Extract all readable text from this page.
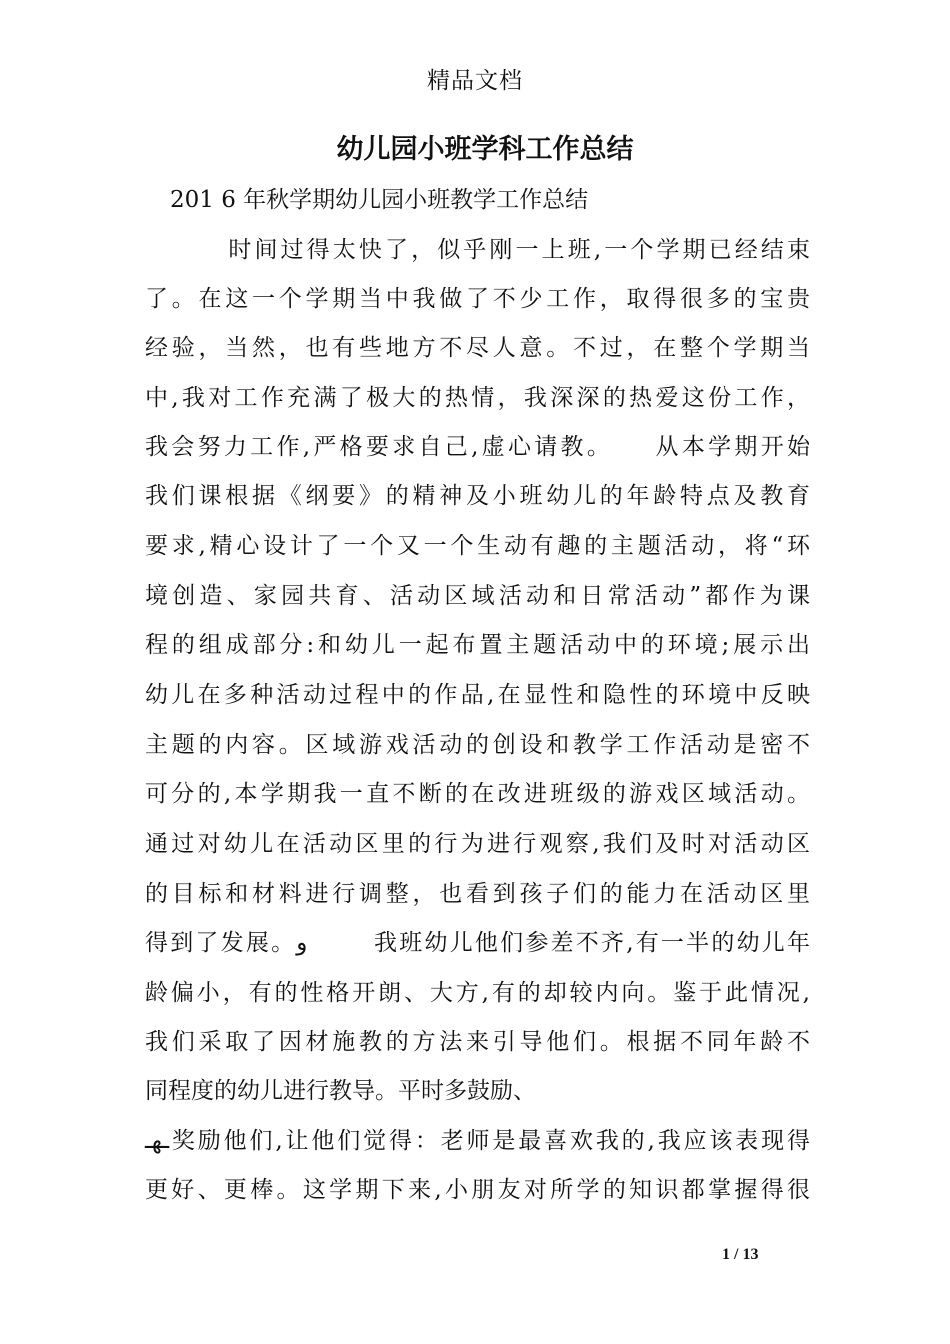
精品文档
幼儿园小班学科工作总结
201 6 年秋学期幼儿园小班教学工作总结
时间过得太快了，似乎刚一上班,一个学期已经结束
了。在这一个学期当中我做了不少工作，取得很多的宝贵
经验，当然，也有些地方不尽人意。不过，在整个学期当
中,我对工作充满了极大的热情，我深深的热爱这份工作，
我会努力工作,严格要求自己,虚心请教。    从本学期开始
我们课根据《纲要》的精神及小班幼儿的年龄特点及教育
要求,精心设计了一个又一个生动有趣的主题活动，将“环
境创造、家园共育、活动区域活动和日常活动”都作为课
程的组成部分:和幼儿一起布置主题活动中的环境;展示出
幼儿在多种活动过程中的作品,在显性和隐性的环境中反映
主题的内容。区域游戏活动的创设和教学工作活动是密不
可分的,本学期我一直不断的在改进班级的游戏区域活动。
通过对幼儿在活动区里的行为进行观察,我们及时对活动区
的目标和材料进行调整，也看到孩子们的能力在活动区里
得到了发展。و       我班幼儿他们参差不齐,有一半的幼儿年
龄偏小，有的性格开朗、大方,有的却较内向。鉴于此情况,
我们采取了因材施教的方法来引导他们。根据不同年龄不
同程度的幼儿进行教导。平时多鼓励、
ـهـ奖励他们,让他们觉得：老师是最喜欢我的,我应该表现得
更好、更棒。这学期下来,小朋友对所学的知识都掌握得很
1 / 13
